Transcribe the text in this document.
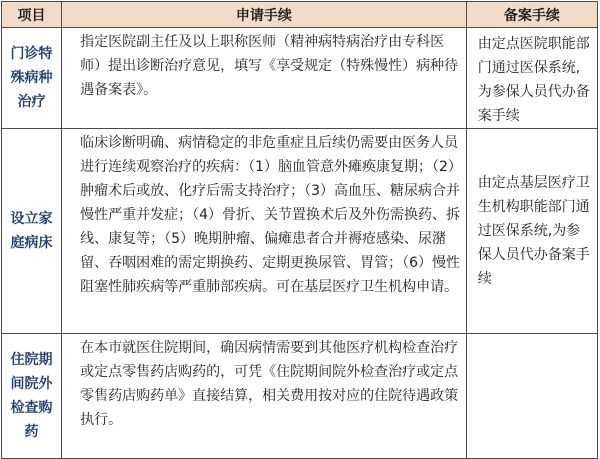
项目	申请手续	备案手续
门诊特殊病种治疗	指定医院副主任及以上职称医师（精神病特病治疗由专科医师）提出诊断治疗意见，填写《享受规定（特殊慢性）病种待遇备案表》。	由定点医院职能部门通过医保系统,为参保人员代办备案手续
设立家庭病床	临床诊断明确、病情稳定的非危重症且后续仍需要由医务人员进行连续观察治疗的疾病：（1）脑血管意外瘫痪康复期；（2）肿瘤术后或放、化疗后需支持治疗；（3）高血压、糖尿病合并慢性严重并发症；（4）骨折、关节置换术后及外伤需换药、拆线、康复等；（5）晚期肿瘤、偏瘫患者合并褥疮感染、尿潴留、吞咽困难的需定期换药、定期更换尿管、胃管；（6）慢性阻塞性肺疾病等严重肺部疾病。可在基层医疗卫生机构申请。	由定点基层医疗卫生机构职能部门通过医保系统,为参保人员代办备案手续
住院期间院外检查购药	在本市就医住院期间，确因病情需要到其他医疗机构检查治疗或定点零售药店购药的，可凭《住院期间院外检查治疗或定点零售药店购药单》直接结算，相关费用按对应的住院待遇政策执行。	
